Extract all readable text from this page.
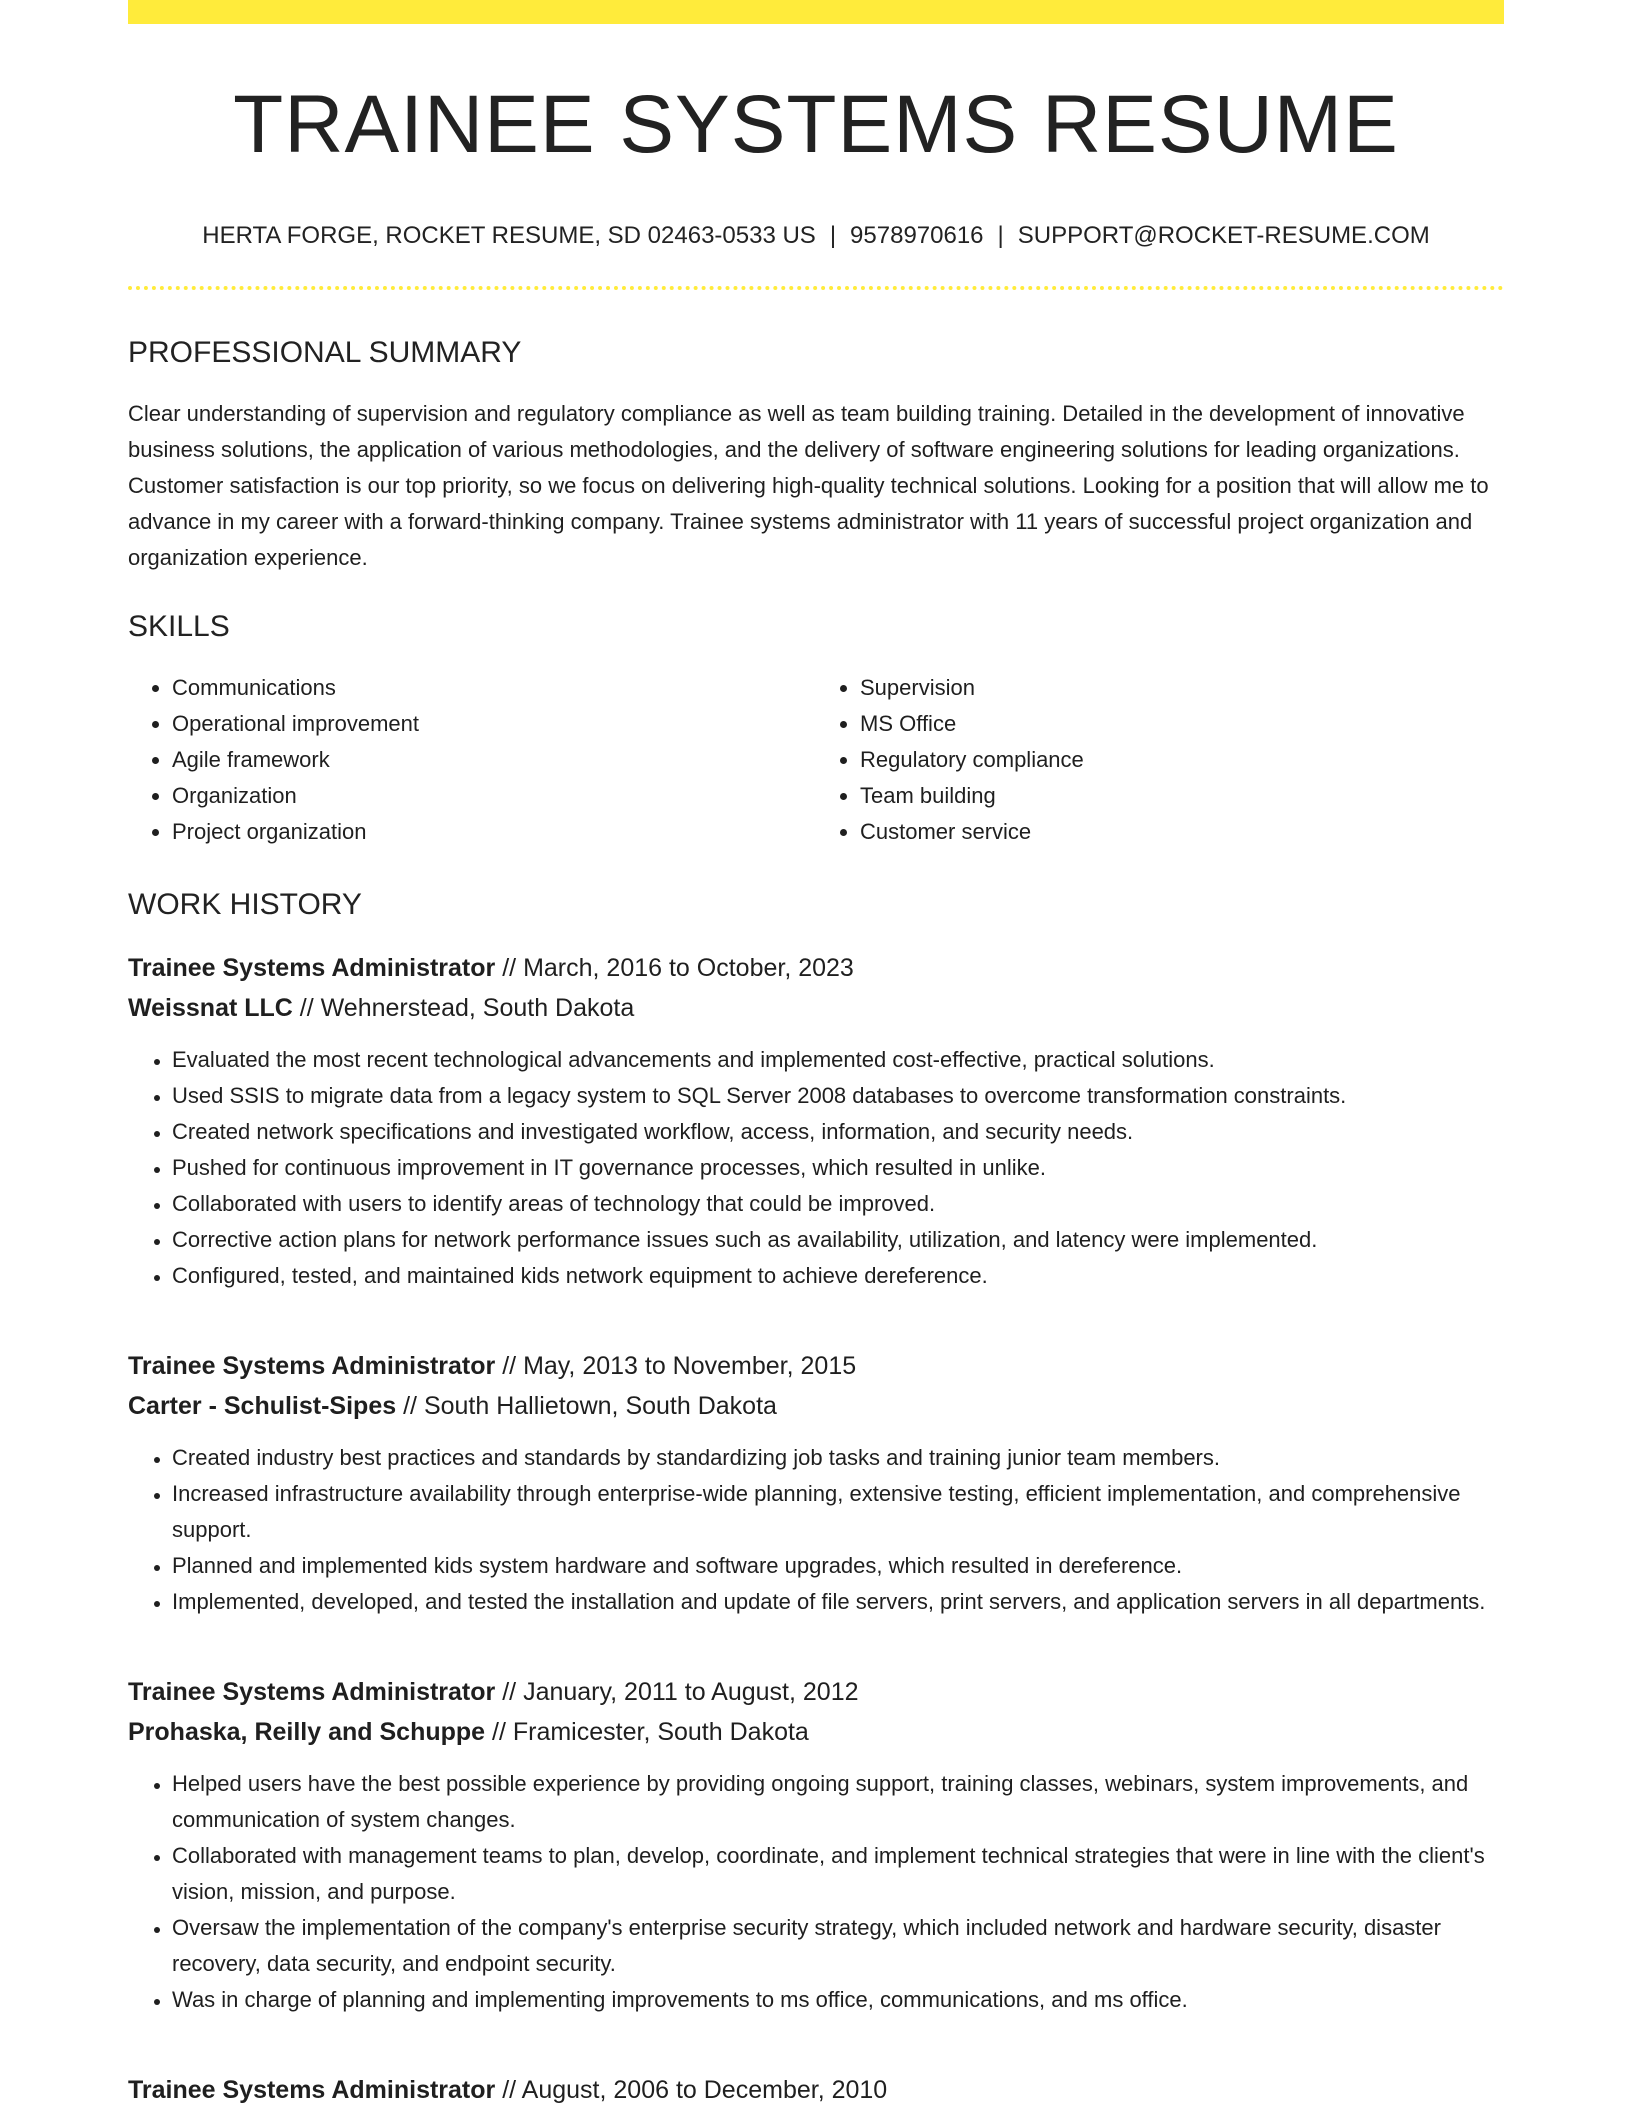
TRAINEE SYSTEMS RESUME
HERTA FORGE, ROCKET RESUME, SD 02463-0533 US | 9578970616 | SUPPORT@ROCKET-RESUME.COM
PROFESSIONAL SUMMARY
Clear understanding of supervision and regulatory compliance as well as team building training. Detailed in the development of innovative business solutions, the application of various methodologies, and the delivery of software engineering solutions for leading organizations. Customer satisfaction is our top priority, so we focus on delivering high-quality technical solutions. Looking for a position that will allow me to advance in my career with a forward-thinking company. Trainee systems administrator with 11 years of successful project organization and organization experience.
SKILLS
• Communications
• Operational improvement
• Agile framework
• Organization
• Project organization
• Supervision
• MS Office
• Regulatory compliance
• Team building
• Customer service
WORK HISTORY
Trainee Systems Administrator // March, 2016 to October, 2023
Weissnat LLC // Wehnerstead, South Dakota
• Evaluated the most recent technological advancements and implemented cost-effective, practical solutions.
• Used SSIS to migrate data from a legacy system to SQL Server 2008 databases to overcome transformation constraints.
• Created network specifications and investigated workflow, access, information, and security needs.
• Pushed for continuous improvement in IT governance processes, which resulted in unlike.
• Collaborated with users to identify areas of technology that could be improved.
• Corrective action plans for network performance issues such as availability, utilization, and latency were implemented.
• Configured, tested, and maintained kids network equipment to achieve dereference.
Trainee Systems Administrator // May, 2013 to November, 2015
Carter - Schulist-Sipes // South Hallietown, South Dakota
• Created industry best practices and standards by standardizing job tasks and training junior team members.
• Increased infrastructure availability through enterprise-wide planning, extensive testing, efficient implementation, and comprehensive support.
• Planned and implemented kids system hardware and software upgrades, which resulted in dereference.
• Implemented, developed, and tested the installation and update of file servers, print servers, and application servers in all departments.
Trainee Systems Administrator // January, 2011 to August, 2012
Prohaska, Reilly and Schuppe // Framicester, South Dakota
• Helped users have the best possible experience by providing ongoing support, training classes, webinars, system improvements, and communication of system changes.
• Collaborated with management teams to plan, develop, coordinate, and implement technical strategies that were in line with the client's vision, mission, and purpose.
• Oversaw the implementation of the company's enterprise security strategy, which included network and hardware security, disaster recovery, data security, and endpoint security.
• Was in charge of planning and implementing improvements to ms office, communications, and ms office.
Trainee Systems Administrator // August, 2006 to December, 2010
